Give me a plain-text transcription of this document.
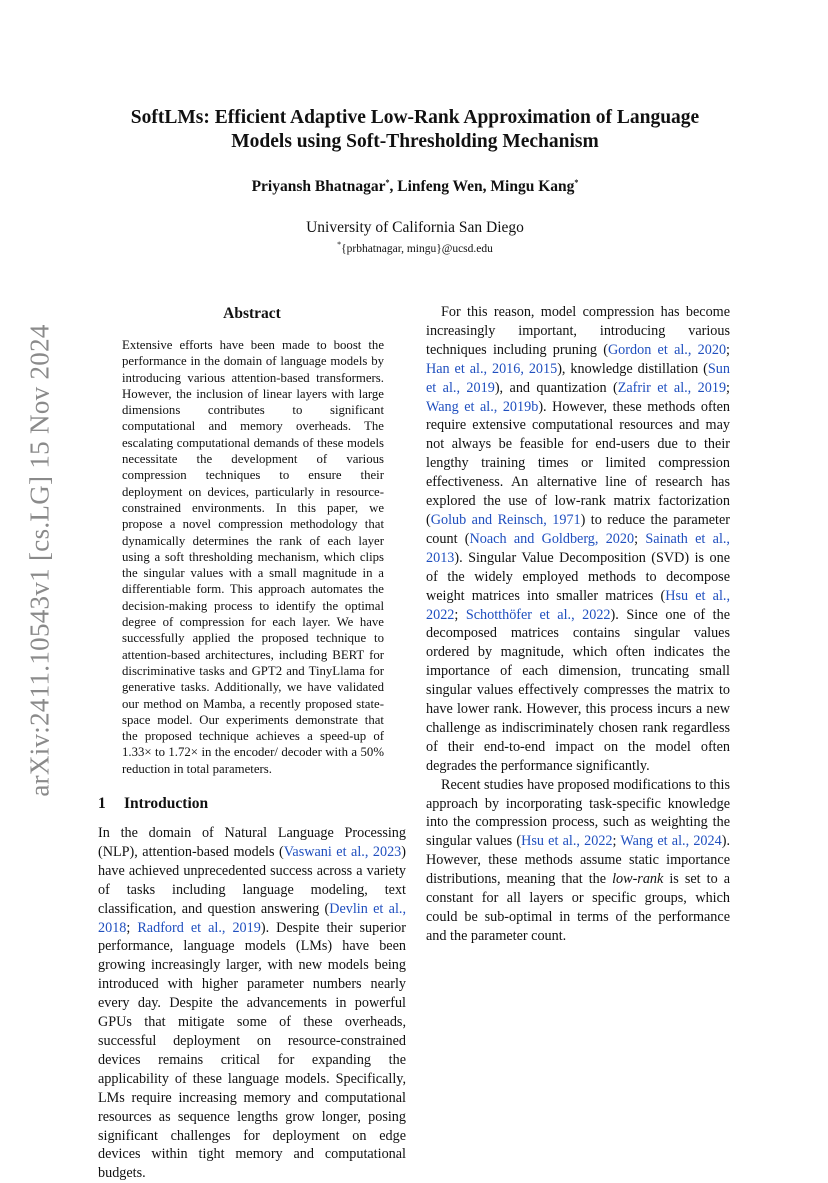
arXiv:2411.10543v1 [cs.LG] 15 Nov 2024
SoftLMs: Efficient Adaptive Low-Rank Approximation of Language Models using Soft-Thresholding Mechanism
Priyansh Bhatnagar*, Linfeng Wen, Mingu Kang*
University of California San Diego
*{prbhatnagar, mingu}@ucsd.edu
Abstract
Extensive efforts have been made to boost the performance in the domain of language models by introducing various attention-based transformers. However, the inclusion of linear layers with large dimensions contributes to significant computational and memory overheads. The escalating computational demands of these models necessitate the development of various compression techniques to ensure their deployment on devices, particularly in resource-constrained environments. In this paper, we propose a novel compression methodology that dynamically determines the rank of each layer using a soft thresholding mechanism, which clips the singular values with a small magnitude in a differentiable form. This approach automates the decision-making process to identify the optimal degree of compression for each layer. We have successfully applied the proposed technique to attention-based architectures, including BERT for discriminative tasks and GPT2 and TinyLlama for generative tasks. Additionally, we have validated our method on Mamba, a recently proposed state-space model. Our experiments demonstrate that the proposed technique achieves a speed-up of 1.33× to 1.72× in the encoder/ decoder with a 50% reduction in total parameters.
1 Introduction

In the domain of Natural Language Processing (NLP), attention-based models (Vaswani et al., 2023) have achieved unprecedented success across a variety of tasks including language modeling, text classification, and question answering (Devlin et al., 2018; Radford et al., 2019). Despite their superior performance, language models (LMs) have been growing increasingly larger, with new models being introduced with higher parameter numbers nearly every day. Despite the advancements in powerful GPUs that mitigate some of these overheads, successful deployment on resource-constrained devices remains critical for expanding the applicability of these language models. Specifically, LMs require increasing memory and computational resources as sequence lengths grow longer, posing significant challenges for deployment on edge devices within tight memory and computational budgets.

For this reason, model compression has become increasingly important, introducing various techniques including pruning (Gordon et al., 2020; Han et al., 2016, 2015), knowledge distillation (Sun et al., 2019), and quantization (Zafrir et al., 2019; Wang et al., 2019b). However, these methods often require extensive computational resources and may not always be feasible for end-users due to their lengthy training times or limited compression effectiveness. An alternative line of research has explored the use of low-rank matrix factorization (Golub and Reinsch, 1971) to reduce the parameter count (Noach and Goldberg, 2020; Sainath et al., 2013). Singular Value Decomposition (SVD) is one of the widely employed methods to decompose weight matrices into smaller matrices (Hsu et al., 2022; Schotthöfer et al., 2022). Since one of the decomposed matrices contains singular values ordered by magnitude, which often indicates the importance of each dimension, truncating small singular values effectively compresses the matrix to have lower rank. However, this process incurs a new challenge as indiscriminately chosen rank regardless of their end-to-end impact on the model often degrades the performance significantly.

Recent studies have proposed modifications to this approach by incorporating task-specific knowledge into the compression process, such as weighting the singular values (Hsu et al., 2022; Wang et al., 2024). However, these methods assume static importance distributions, meaning that the low-rank is set to a constant for all layers or specific groups, which could be sub-optimal in terms of the performance and the parameter count.
